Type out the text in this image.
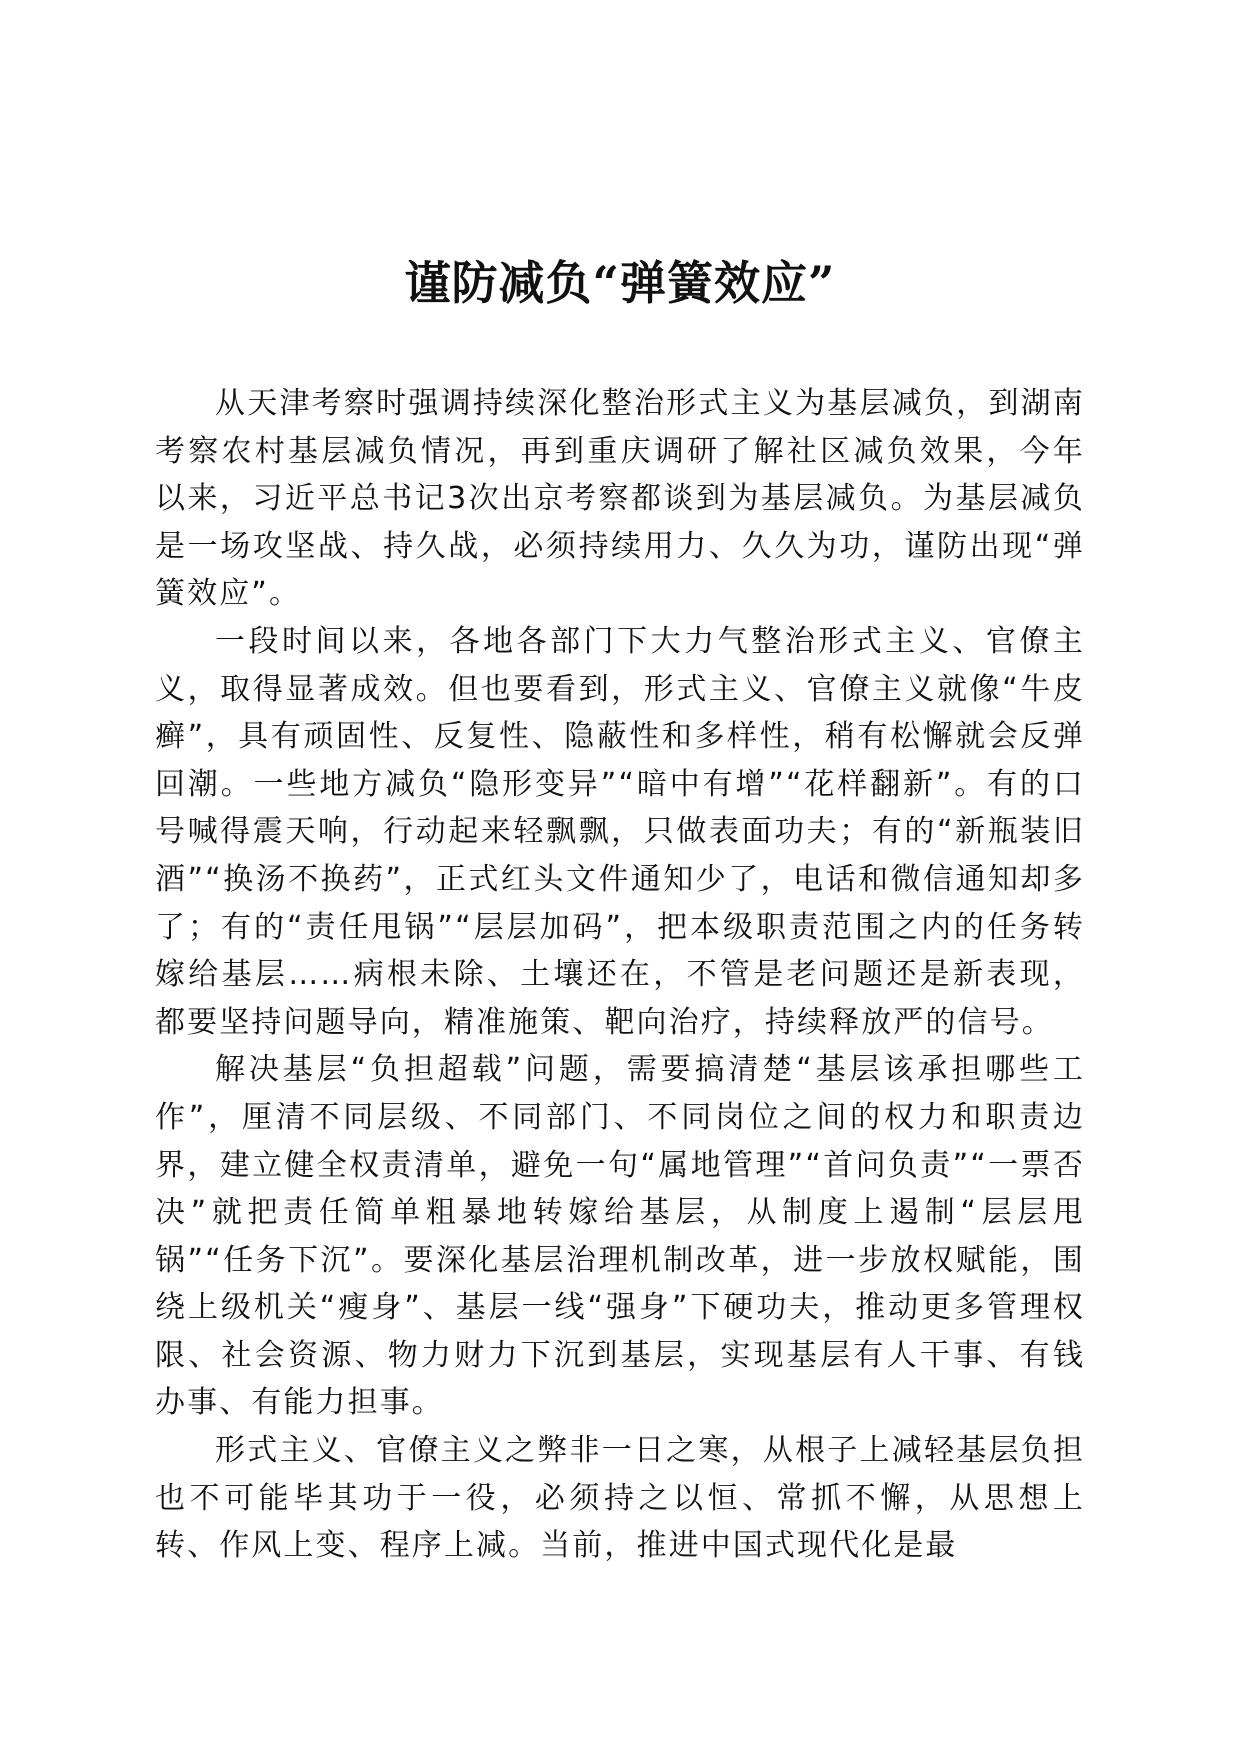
谨防减负“弹簧效应”

从天津考察时强调持续深化整治形式主义为基层减负，到湖南考察农村基层减负情况，再到重庆调研了解社区减负效果，今年以来，习近平总书记3次出京考察都谈到为基层减负。为基层减负是一场攻坚战、持久战，必须持续用力、久久为功，谨防出现“弹簧效应”。

一段时间以来，各地各部门下大力气整治形式主义、官僚主义，取得显著成效。但也要看到，形式主义、官僚主义就像“牛皮癣”，具有顽固性、反复性、隐蔽性和多样性，稍有松懈就会反弹回潮。一些地方减负“隐形变异”“暗中有增”“花样翻新”。有的口号喊得震天响，行动起来轻飘飘，只做表面功夫；有的“新瓶装旧酒”“换汤不换药”，正式红头文件通知少了，电话和微信通知却多了；有的“责任甩锅”“层层加码”，把本级职责范围之内的任务转嫁给基层……病根未除、土壤还在，不管是老问题还是新表现，都要坚持问题导向，精准施策、靶向治疗，持续释放严的信号。

解决基层“负担超载”问题，需要搞清楚“基层该承担哪些工作”，厘清不同层级、不同部门、不同岗位之间的权力和职责边界，建立健全权责清单，避免一句“属地管理”“首问负责”“一票否决”就把责任简单粗暴地转嫁给基层，从制度上遏制“层层甩锅”“任务下沉”。要深化基层治理机制改革，进一步放权赋能，围绕上级机关“瘦身”、基层一线“强身”下硬功夫，推动更多管理权限、社会资源、物力财力下沉到基层，实现基层有人干事、有钱办事、有能力担事。

形式主义、官僚主义之弊非一日之寒，从根子上减轻基层负担也不可能毕其功于一役，必须持之以恒、常抓不懈，从思想上转、作风上变、程序上减。当前，推进中国式现代化是最
